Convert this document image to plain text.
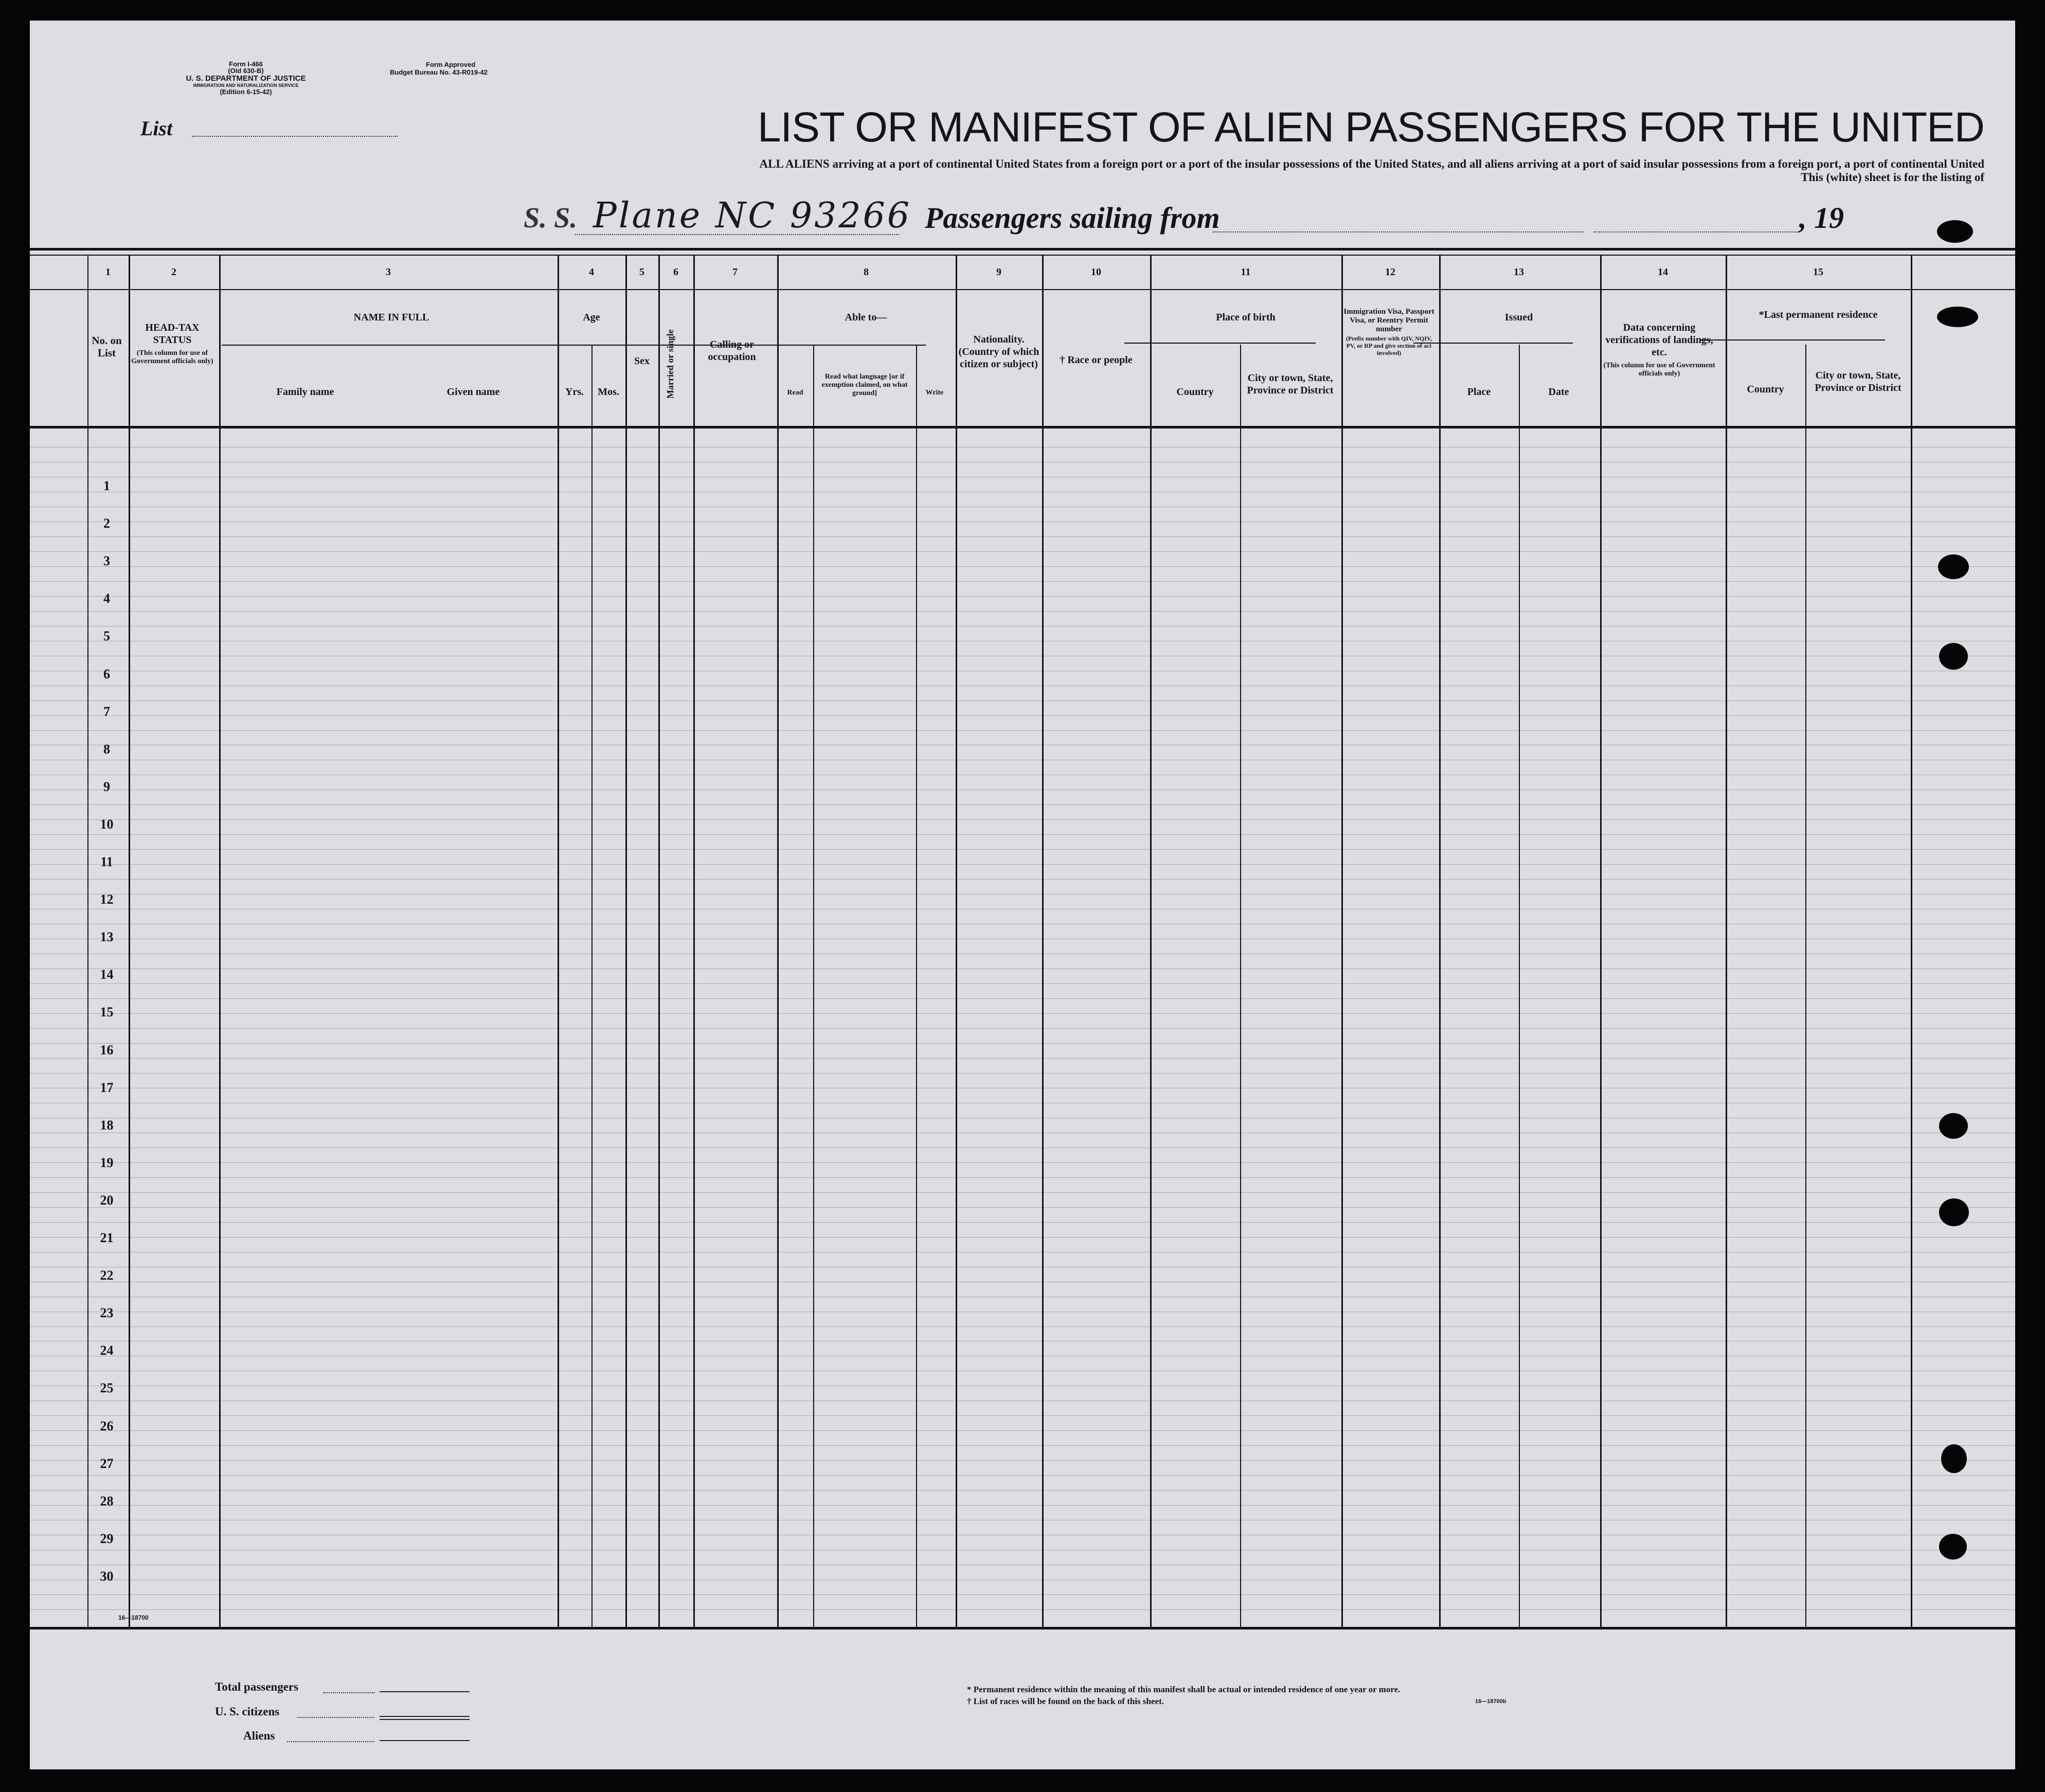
Form I-466
(Old 630-B)
U. S. DEPARTMENT OF JUSTICE
IMMIGRATION AND NATURALIZATION SERVICE
(Edition 6-15-42)
Form Approved
Budget Bureau No. 43-R019-42
List	LIST OR MANIFEST OF ALIEN PASSENGERS FOR THE UNITED
ALL ALIENS arriving at a port of continental United States from a foreign port or a port of the insular possessions of the United States, and all aliens arriving at a port of said insular possessions from a foreign port, a port of continental United
This (white) sheet is for the listing of
S. S. Plane NC 93266 Passengers sailing from	, 19
1	2	3	4	5	6	7	8	9	10	11	12	13	14	15
No. on List
HEAD-TAX STATUS
(This column for use of Government officials only)
NAME IN FULL
Family name	Given name
Age
Yrs.	Mos.
Sex	Married or single	Calling or occupation
Able to—
Read
Read what language [or if exemption claimed, on what ground]	Write
Nationality. (Country of which citizen or subject)	† Race or people
Place of birth
Country
City or town, State, Province or District
Immigration Visa, Passport Visa, or Reentry Permit number
(Prefix number with QIV, NQIV, PV, or RP and give section of act involved)
Issued
Place	Date
Data concerning verifications of landings, etc.
(This column for use of Government officials only)
*Last permanent residence
Country
City or town, State, Province or District
1
2
3
4
5
6
7
8
9
10
11
12
13
14
15
16
17
18
19
20
21
22
23
24
25
26
27
28
29
30
16—18700
Total passengers
U. S. citizens
Aliens
* Permanent residence within the meaning of this manifest shall be actual or intended residence of one year or more.
† List of races will be found on the back of this sheet.	16—18700b
